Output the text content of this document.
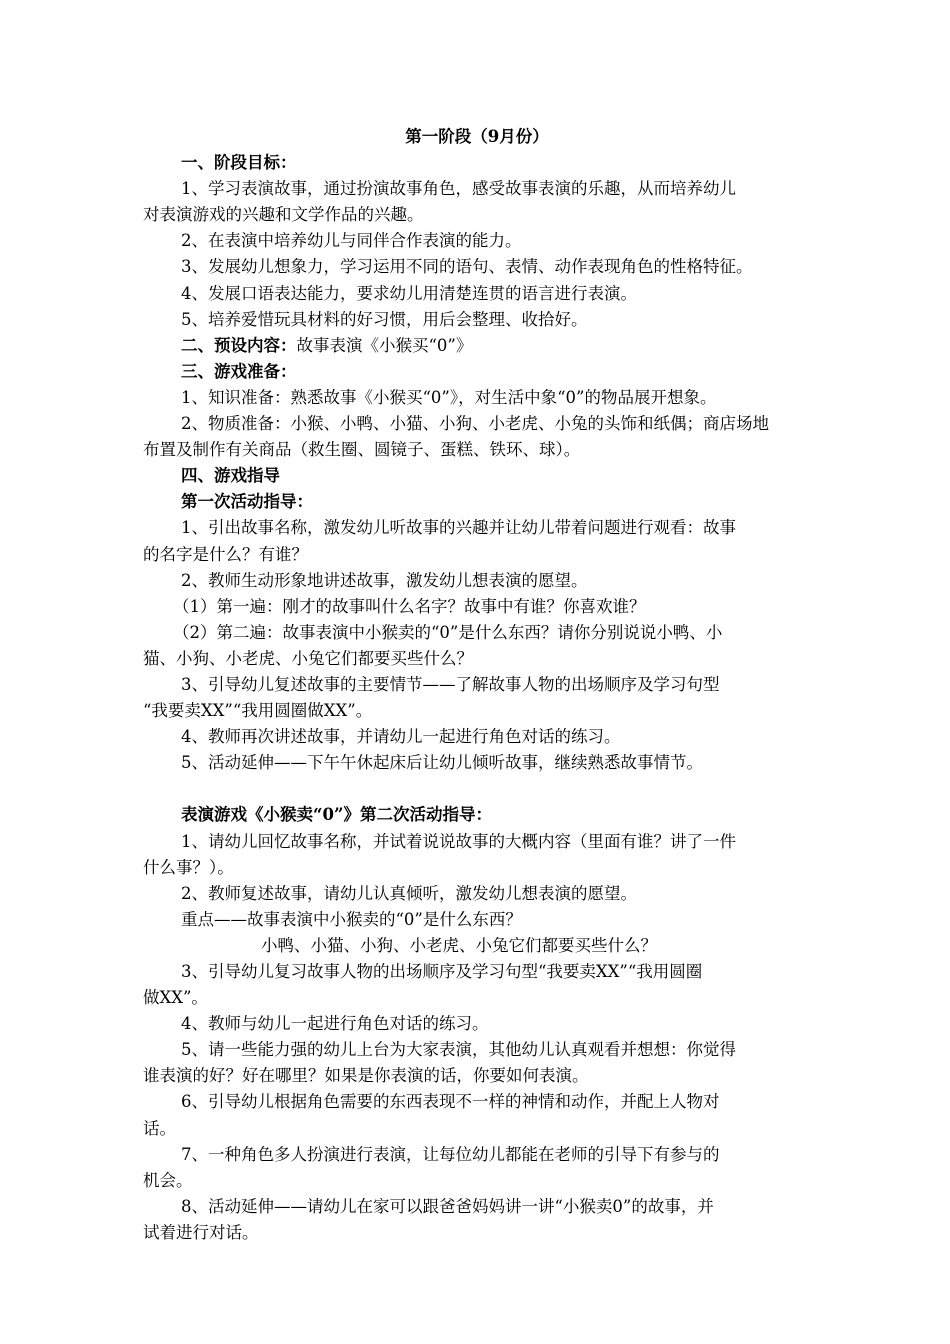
第一阶段（9月份）
一、阶段目标：
1、学习表演故事，通过扮演故事角色，感受故事表演的乐趣，从而培养幼儿
对表演游戏的兴趣和文学作品的兴趣。
2、在表演中培养幼儿与同伴合作表演的能力。
3、发展幼儿想象力，学习运用不同的语句、表情、动作表现角色的性格特征。
4、发展口语表达能力，要求幼儿用清楚连贯的语言进行表演。
5、培养爱惜玩具材料的好习惯，用后会整理、收拾好。
二、预设内容：故事表演《小猴买“0”》
三、游戏准备：
1、知识准备：熟悉故事《小猴买“0”》，对生活中象“0”的物品展开想象。
2、物质准备：小猴、小鸭、小猫、小狗、小老虎、小兔的头饰和纸偶；商店场地
布置及制作有关商品（救生圈、圆镜子、蛋糕、铁环、球）。
四、游戏指导
第一次活动指导：
1、引出故事名称，激发幼儿听故事的兴趣并让幼儿带着问题进行观看：故事
的名字是什么？有谁？
2、教师生动形象地讲述故事，激发幼儿想表演的愿望。
（1）第一遍：刚才的故事叫什么名字？故事中有谁？你喜欢谁？
（2）第二遍：故事表演中小猴卖的“0”是什么东西？请你分别说说小鸭、小
猫、小狗、小老虎、小兔它们都要买些什么？
3、引导幼儿复述故事的主要情节——了解故事人物的出场顺序及学习句型
“我要卖XX”“我用圆圈做XX”。
4、教师再次讲述故事，并请幼儿一起进行角色对话的练习。
5、活动延伸——下午午休起床后让幼儿倾听故事，继续熟悉故事情节。
表演游戏《小猴卖“0”》第二次活动指导：
1、请幼儿回忆故事名称，并试着说说故事的大概内容（里面有谁？讲了一件
什么事？）。
2、教师复述故事，请幼儿认真倾听，激发幼儿想表演的愿望。
重点——故事表演中小猴卖的“0”是什么东西？
小鸭、小猫、小狗、小老虎、小兔它们都要买些什么？
3、引导幼儿复习故事人物的出场顺序及学习句型“我要卖XX”“我用圆圈
做XX”。
4、教师与幼儿一起进行角色对话的练习。
5、请一些能力强的幼儿上台为大家表演，其他幼儿认真观看并想想：你觉得
谁表演的好？好在哪里？如果是你表演的话，你要如何表演。
6、引导幼儿根据角色需要的东西表现不一样的神情和动作，并配上人物对
话。
7、一种角色多人扮演进行表演，让每位幼儿都能在老师的引导下有参与的
机会。
8、活动延伸——请幼儿在家可以跟爸爸妈妈讲一讲“小猴卖0”的故事，并
试着进行对话。
